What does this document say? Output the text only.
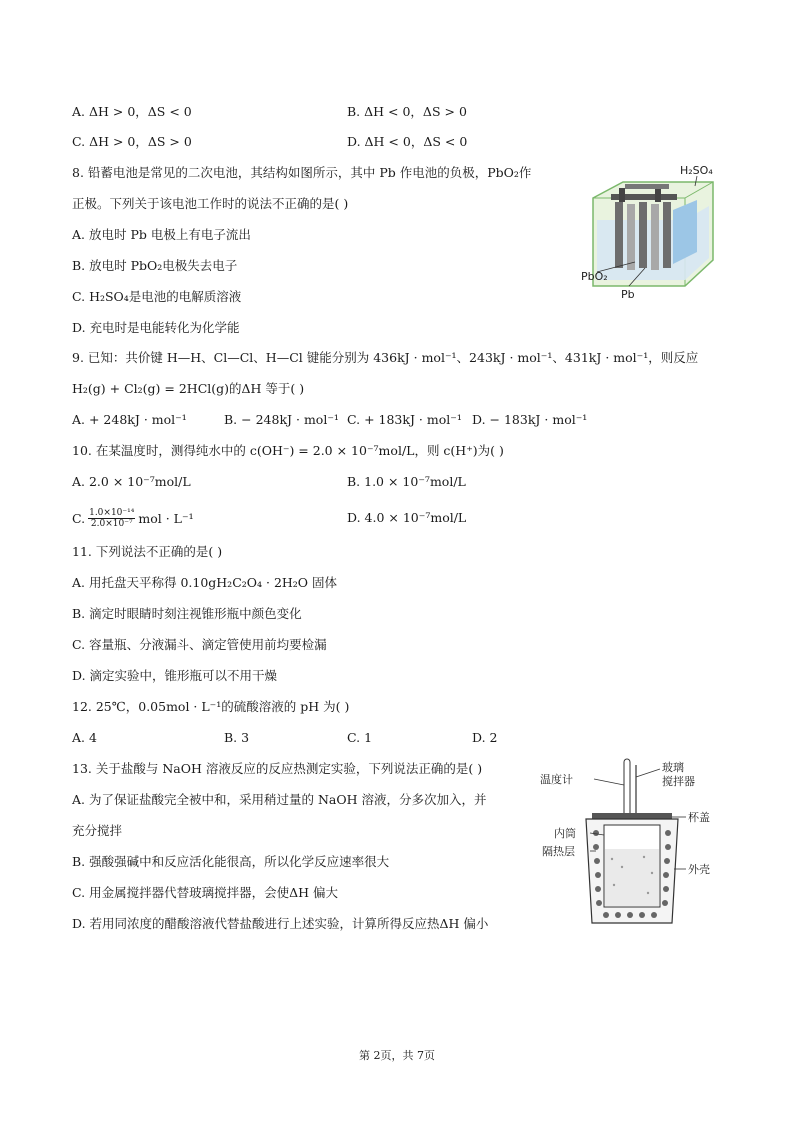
A. ΔH > 0，ΔS < 0	B. ΔH < 0，ΔS > 0
C. ΔH > 0，ΔS > 0	D. ΔH < 0，ΔS < 0
8. 铅蓄电池是常见的二次电池，其结构如图所示，其中 Pb 作电池的负极，PbO₂作
正极。下列关于该电池工作时的说法不正确的是( )
A. 放电时 Pb 电极上有电子流出
B. 放电时 PbO₂电极失去电子
C. H₂SO₄是电池的电解质溶液
D. 充电时是电能转化为化学能
H₂SO₄
PbO₂
Pb
9. 已知：共价键 H—H、Cl—Cl、H—Cl 键能分别为 436kJ · mol⁻¹、243kJ · mol⁻¹、431kJ · mol⁻¹，则反应
H₂(g) + Cl₂(g) = 2HCl(g)的ΔH 等于( )
A. + 248kJ · mol⁻¹	B. − 248kJ · mol⁻¹ C. + 183kJ · mol⁻¹ D. − 183kJ · mol⁻¹
10. 在某温度时，测得纯水中的 c(OH⁻) = 2.0 × 10⁻⁷mol/L，则 c(H⁺)为( )
A. 2.0 × 10⁻⁷mol/L	B. 1.0 × 10⁻⁷mol/L
C. $\frac{\text{1.0×10⁻¹⁴}}{\text{2.0×10⁻⁷}}$ mol · L⁻¹	D. 4.0 × 10⁻⁷mol/L
11. 下列说法不正确的是( )
A. 用托盘天平称得 0.10gH₂C₂O₄ · 2H₂O 固体
B. 滴定时眼睛时刻注视锥形瓶中颜色变化
C. 容量瓶、分液漏斗、滴定管使用前均要检漏
D. 滴定实验中，锥形瓶可以不用干燥
12. 25℃，0.05mol · L⁻¹的硫酸溶液的 pH 为( )
A. 4	B. 3	C. 1	D. 2
13. 关于盐酸与 NaOH 溶液反应的反应热测定实验，下列说法正确的是( )
A. 为了保证盐酸完全被中和，采用稍过量的 NaOH 溶液，分多次加入，并
充分搅拌
B. 强酸强碱中和反应活化能很高，所以化学反应速率很大
C. 用金属搅拌器代替玻璃搅拌器，会使ΔH 偏大
D. 若用同浓度的醋酸溶液代替盐酸进行上述实验，计算所得反应热ΔH 偏小
温度计
玻璃
搅拌器
杯盖
内筒
隔热层
外壳
第 2页，共 7页
